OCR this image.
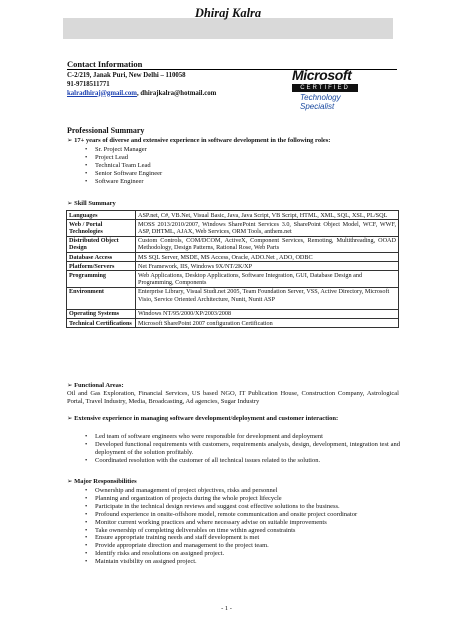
Dhiraj Kalra
Contact Information
C-2/219, Janak Puri, New Delhi – 110058
91-9718511771
kalradhiraj@gmail.com, dhirajkalra@hotmail.com
Microsoft
CERTIFIED
Technology
Specialist
Professional Summary
➢ 17+ years of diverse and extensive experience in software development in the following roles:
• Sr. Project Manager
• Project Lead
• Technical Team Lead
• Senior Software Engineer
• Software Engineer
➢ Skill Summary
Languages	ASP.net, C#, VB.Net, Visual Basic, Java, Java Script, VB Script, HTML, XML, SQL, XSL, PL/SQL
Web / Portal Technologies	MOSS 2013/2010/2007, Windows SharePoint Services 3.0, SharePoint Object Model, WCF, WWF, ASP, DHTML, AJAX, Web Services, ORM Tools, anthem.net
Distributed Object Design	Custom Controls, COM/DCOM, ActiveX, Component Services, Remoting, Multithreading, OOAD Methodology, Design Patterns, Rational Rose, Web Parts
Database Access	MS SQL Server, MSDE, MS Access, Oracle, ADO.Net , ADO, ODBC
Platform/Servers	Net Framework, IIS, Windows 9X/NT/2K/XP
Programming	Web Applications, Desktop Applications, Software Integration, GUI, Database Design and Programming, Components
Environment	Enterprise Library, Visual Studi.net 2005, Team Foundation Server, VSS, Active Directory, Microsoft Visio, Service Oriented Architecture, Nunit, Nunit ASP
Operating Systems	Windows NT/95/2000/XP/2003/2008
Technical Certifications	Microsoft SharePoint 2007 configuration Certification
➢ Functional Areas:
Oil and Gas Exploration, Financial Services, US based NGO, IT Publication House, Construction Company, Astrological Portal, Travel Industry, Media, Broadcasting, Ad agencies, Sugar Industry
➢ Extensive experience in managing software development/deployment and customer interaction:
• Led team of software engineers who were responsible for development and deployment
• Developed functional requirements with customers, requirements analysis, design, development, integration test and deployment of the solution profitably.
• Coordinated resolution with the customer of all technical issues related to the solution.
➢ Major Responsibilities
• Ownership and management of project objectives, risks and personnel
• Planning and organization of projects during the whole project lifecycle
• Participate in the technical design reviews and suggest cost effective solutions to the business.
• Profound experience in onsite-offshore model, remote communication and onsite project coordinator
• Monitor current working practices and where necessary advise on suitable improvements
• Take ownership of completing deliverables on time within agreed constraints
• Ensure appropriate training needs and staff development is met
• Provide appropriate direction and management to the project team.
• Identify risks and resolutions on assigned project.
• Maintain visibility on assigned project.
- 1 -
